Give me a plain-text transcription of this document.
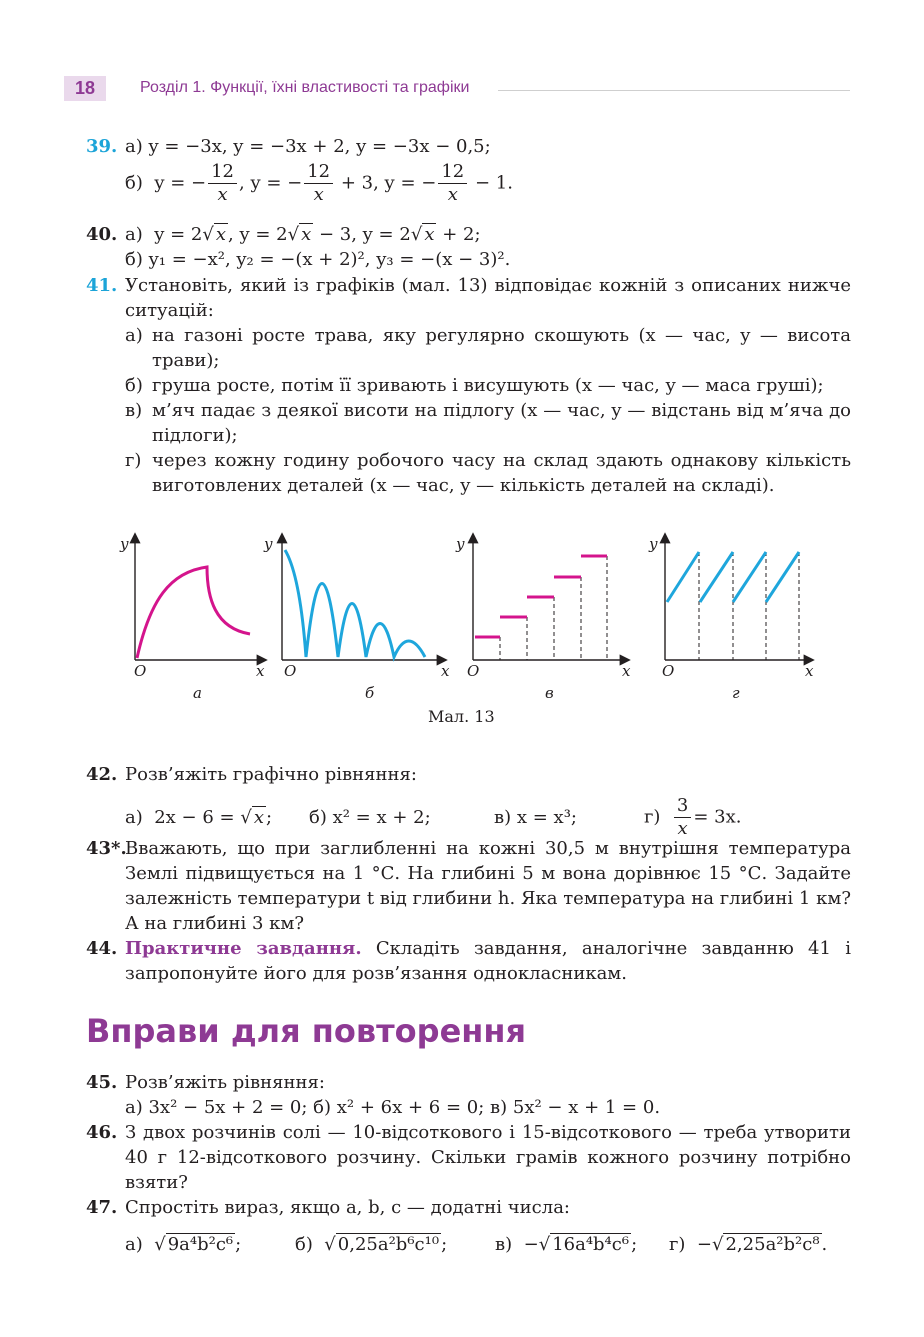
18	Розділ 1. Функції, їхні властивості та графіки
39. а) y = −3x, y = −3x + 2, y = −3x − 0,5;
б) y = − $\frac{12}{x}$ , y = − $\frac{12}{x} + 3$, y = − $\frac{12}{x} - 1$.
40. а) y = 2√ x , y = 2√ x − 3, y = 2√ x + 2;
б) y₁ = −x², y₂ = −(x + 2)², y₃ = −(x − 3)².
41. Установіть, який із графіків (мал. 13) відповідає кожній з описаних нижче ситуацій:
а) на газоні росте трава, яку регулярно скошують (x — час, y — висота трави);
б) груша росте, потім її зривають і висушують (x — час, y — маса груші);
в) м’яч падає з деякої висоти на підлогу (x — час, y — відстань від м’яча до підлоги);
г) через кожну годину робочого часу на склад здають однакову кількість виготовлених деталей (x — час, y — кількість деталей на складі).
y	y	y	y
O	O	O	O
x	x	x	x
а	б	в	г
Мал. 13
42. Розв’яжіть графічно рівняння:
а) 2x − 6 = √ x ; б) x² = x + 2;	в) x = x³;	$г) \frac{3}{x} = 3x$.
43*.
Вважають, що при заглибленні на кожні 30,5 м внутрішня температура Землі підвищується на 1 °С. На глибині 5 м вона дорівнює 15 °С. Задайте залежність температури t від глибини h. Яка температура на глибині 1 км? А на глибині 3 км?
44. Практичне завдання. Складіть завдання, аналогічне завданню 41 і запропонуйте його для розв’язання однокласникам.
Вправи для повторення
45. Розв’яжіть рівняння:
а) 3x² − 5x + 2 = 0; б) x² + 6x + 6 = 0; в) 5x² − x + 1 = 0.
46. З двох розчинів солі — 10-відсоткового і 15-відсоткового — треба утворити 40 г 12-відсоткового розчину. Скільки грамів кожного розчину потрібно взяти?
47. Спростіть вираз, якщо a, b, c — додатні числа:
а)  √ 9a⁴b²c⁶ ;	б)  √ 0,25a²b⁶c¹⁰ ;	в) −√ 16a⁴b⁴c⁶ ; г) −√ 2,25a²b²c⁸ .
